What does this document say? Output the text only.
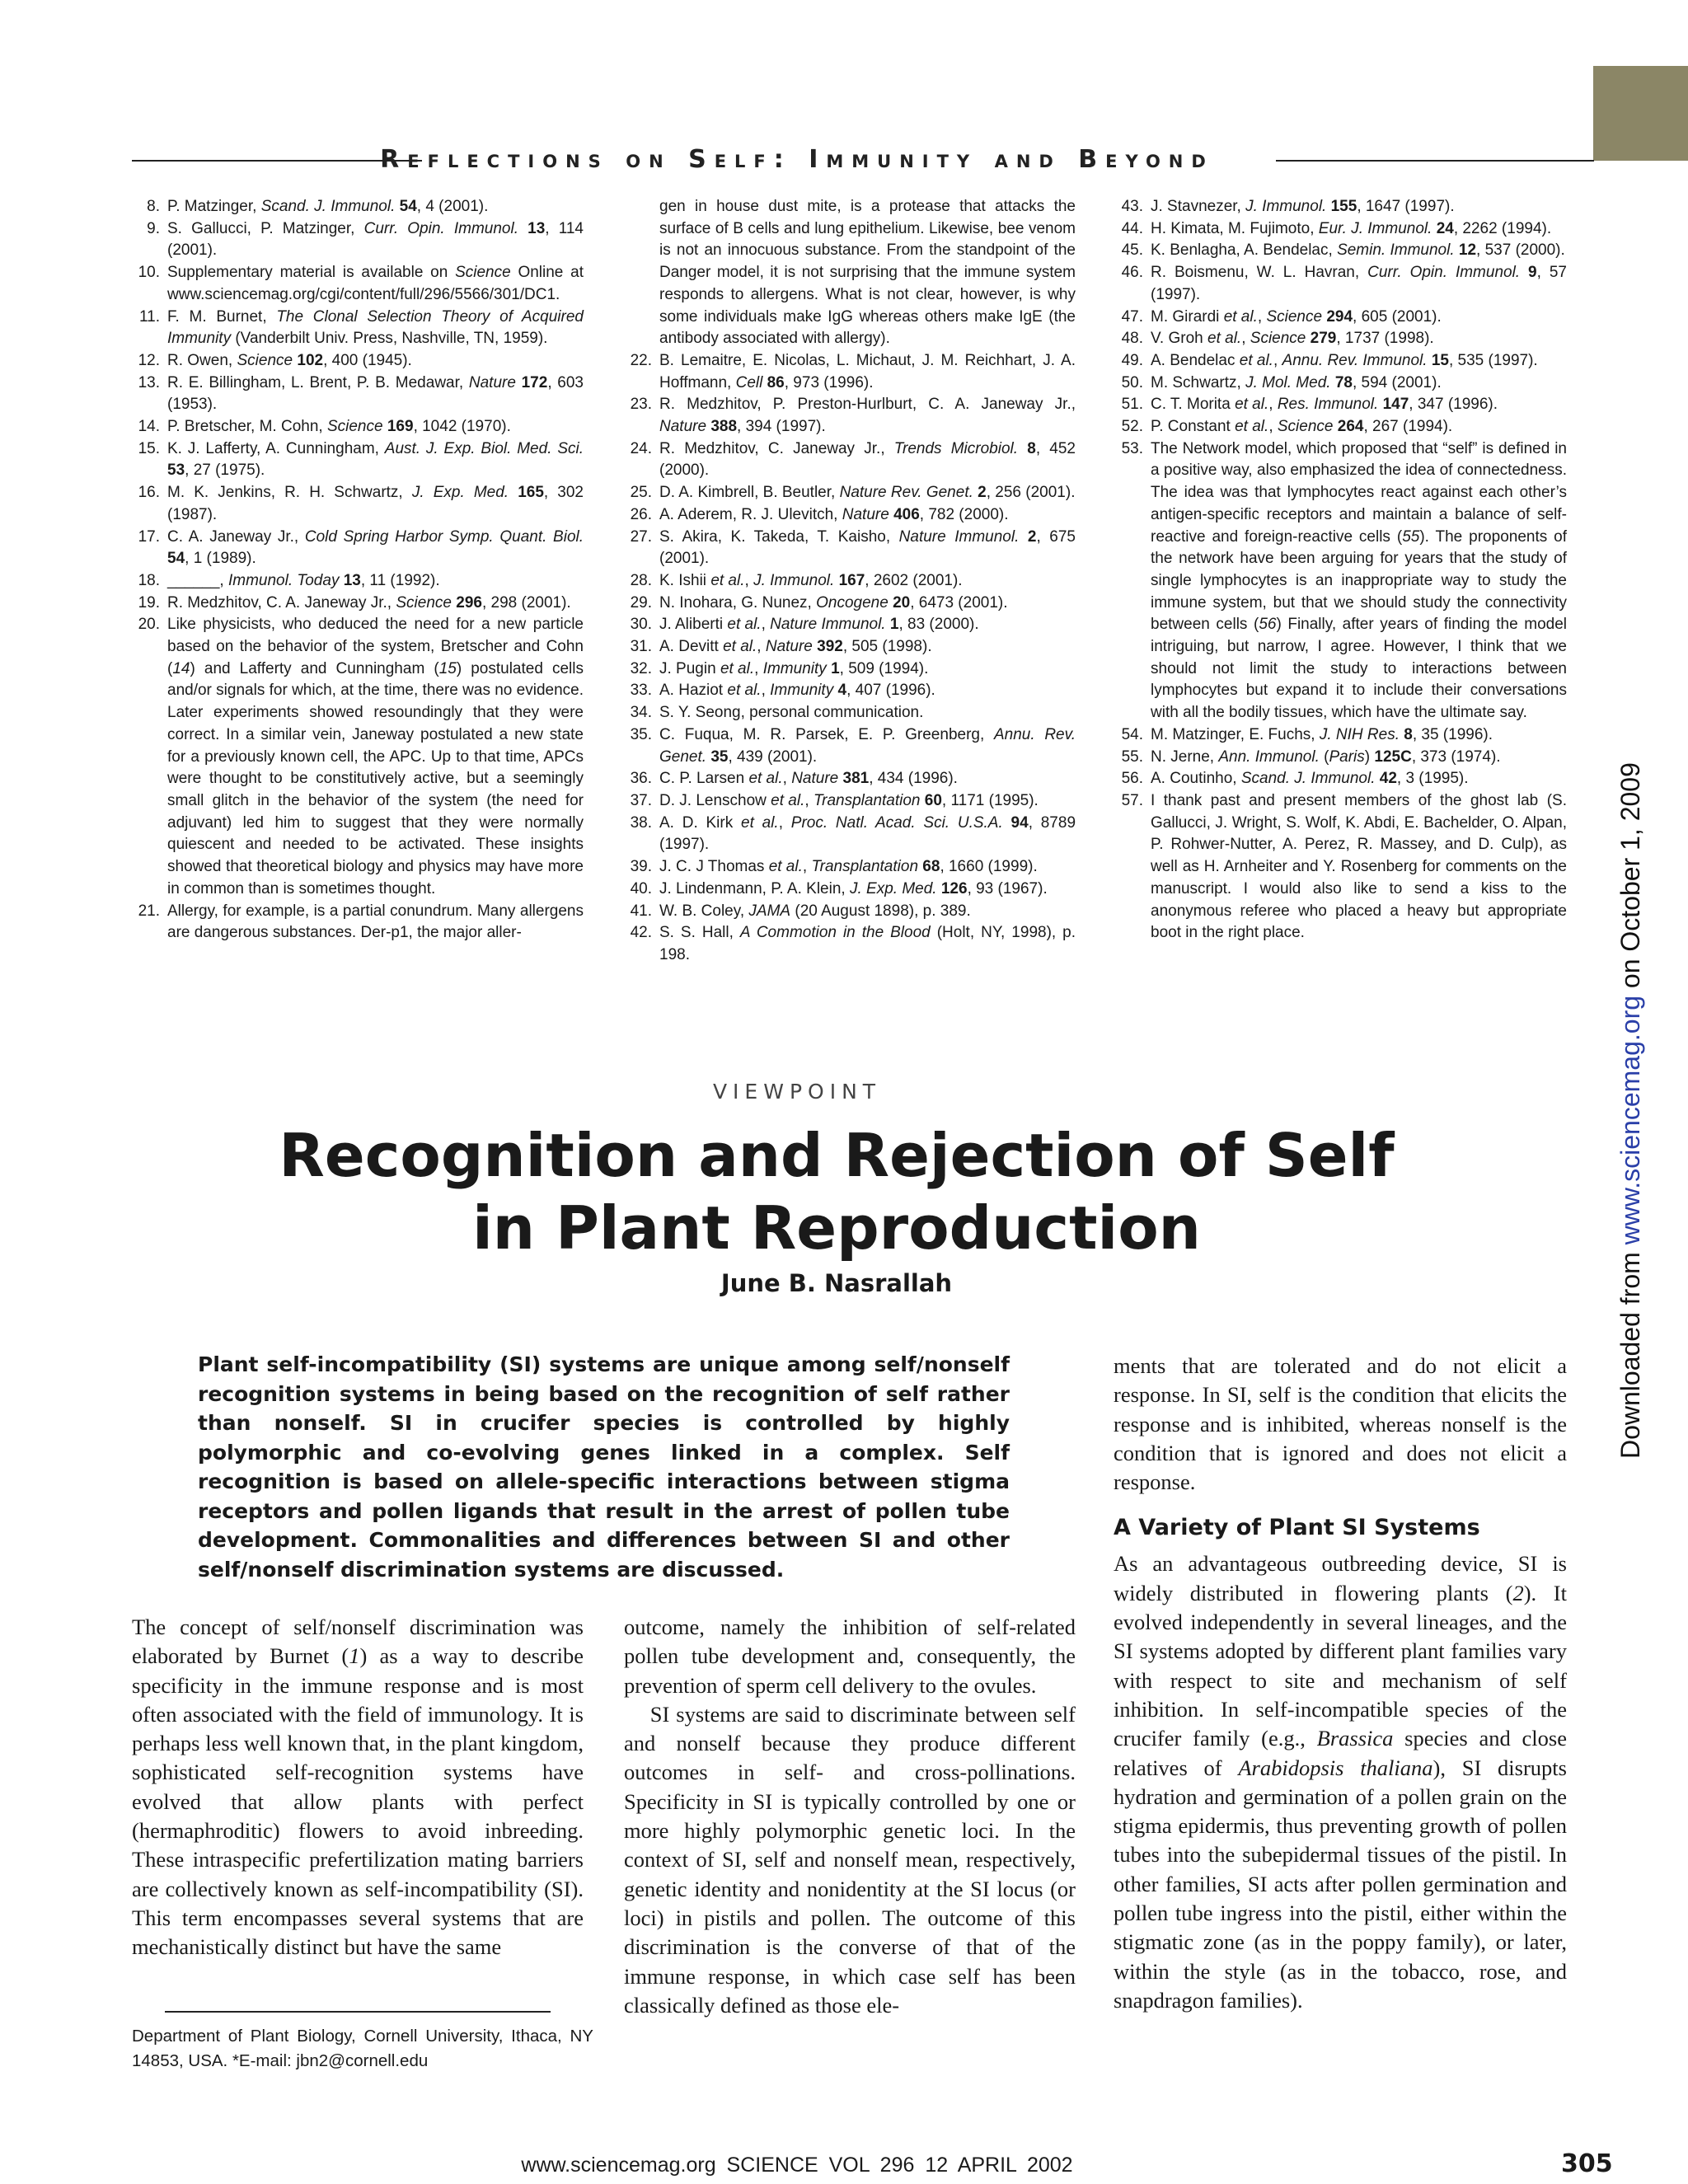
Reflections on Self: Immunity and Beyond
8. P. Matzinger, Scand. J. Immunol. 54, 4 (2001).
9. S. Gallucci, P. Matzinger, Curr. Opin. Immunol. 13, 114 (2001).
10. Supplementary material is available on Science Online at www.sciencemag.org/cgi/content/full/296/5566/301/DC1.
11. F. M. Burnet, The Clonal Selection Theory of Acquired Immunity (Vanderbilt Univ. Press, Nashville, TN, 1959).
12. R. Owen, Science 102, 400 (1945).
13. R. E. Billingham, L. Brent, P. B. Medawar, Nature 172, 603 (1953).
14. P. Bretscher, M. Cohn, Science 169, 1042 (1970).
15. K. J. Lafferty, A. Cunningham, Aust. J. Exp. Biol. Med. Sci. 53, 27 (1975).
16. M. K. Jenkins, R. H. Schwartz, J. Exp. Med. 165, 302 (1987).
17. C. A. Janeway Jr., Cold Spring Harbor Symp. Quant. Biol. 54, 1 (1989).
18. ______, Immunol. Today 13, 11 (1992).
19. R. Medzhitov, C. A. Janeway Jr., Science 296, 298 (2001).
20. Like physicists, who deduced the need for a new particle based on the behavior of the system, Bretscher and Cohn (14) and Lafferty and Cunningham (15) postulated cells and/or signals for which, at the time, there was no evidence. Later experiments showed resoundingly that they were correct. In a similar vein, Janeway postulated a new state for a previously known cell, the APC. Up to that time, APCs were thought to be constitutively active, but a seemingly small glitch in the behavior of the system (the need for adjuvant) led him to suggest that they were normally quiescent and needed to be activated. These insights showed that theoretical biology and physics may have more in common than is sometimes thought.
21. Allergy, for example, is a partial conundrum. Many allergens are dangerous substances. Der-p1, the major aller-
gen in house dust mite, is a protease that attacks the surface of B cells and lung epithelium. Likewise, bee venom is not an innocuous substance. From the standpoint of the Danger model, it is not surprising that the immune system responds to allergens. What is not clear, however, is why some individuals make IgG whereas others make IgE (the antibody associated with allergy).
22. B. Lemaitre, E. Nicolas, L. Michaut, J. M. Reichhart, J. A. Hoffmann, Cell 86, 973 (1996).
23. R. Medzhitov, P. Preston-Hurlburt, C. A. Janeway Jr., Nature 388, 394 (1997).
24. R. Medzhitov, C. Janeway Jr., Trends Microbiol. 8, 452 (2000).
25. D. A. Kimbrell, B. Beutler, Nature Rev. Genet. 2, 256 (2001).
26. A. Aderem, R. J. Ulevitch, Nature 406, 782 (2000).
27. S. Akira, K. Takeda, T. Kaisho, Nature Immunol. 2, 675 (2001).
28. K. Ishii et al., J. Immunol. 167, 2602 (2001).
29. N. Inohara, G. Nunez, Oncogene 20, 6473 (2001).
30. J. Aliberti et al., Nature Immunol. 1, 83 (2000).
31. A. Devitt et al., Nature 392, 505 (1998).
32. J. Pugin et al., Immunity 1, 509 (1994).
33. A. Haziot et al., Immunity 4, 407 (1996).
34. S. Y. Seong, personal communication.
35. C. Fuqua, M. R. Parsek, E. P. Greenberg, Annu. Rev. Genet. 35, 439 (2001).
36. C. P. Larsen et al., Nature 381, 434 (1996).
37. D. J. Lenschow et al., Transplantation 60, 1171 (1995).
38. A. D. Kirk et al., Proc. Natl. Acad. Sci. U.S.A. 94, 8789 (1997).
39. J. C. J Thomas et al., Transplantation 68, 1660 (1999).
40. J. Lindenmann, P. A. Klein, J. Exp. Med. 126, 93 (1967).
41. W. B. Coley, JAMA (20 August 1898), p. 389.
42. S. S. Hall, A Commotion in the Blood (Holt, NY, 1998), p. 198.
43. J. Stavnezer, J. Immunol. 155, 1647 (1997).
44. H. Kimata, M. Fujimoto, Eur. J. Immunol. 24, 2262 (1994).
45. K. Benlagha, A. Bendelac, Semin. Immunol. 12, 537 (2000).
46. R. Boismenu, W. L. Havran, Curr. Opin. Immunol. 9, 57 (1997).
47. M. Girardi et al., Science 294, 605 (2001).
48. V. Groh et al., Science 279, 1737 (1998).
49. A. Bendelac et al., Annu. Rev. Immunol. 15, 535 (1997).
50. M. Schwartz, J. Mol. Med. 78, 594 (2001).
51. C. T. Morita et al., Res. Immunol. 147, 347 (1996).
52. P. Constant et al., Science 264, 267 (1994).
53. The Network model, which proposed that “self” is defined in a positive way, also emphasized the idea of connectedness. The idea was that lymphocytes react against each other’s antigen-specific receptors and maintain a balance of self-reactive and foreign-reactive cells (55). The proponents of the network have been arguing for years that the study of single lymphocytes is an inappropriate way to study the immune system, but that we should study the connectivity between cells (56) Finally, after years of finding the model intriguing, but narrow, I agree. However, I think that we should not limit the study to interactions between lymphocytes but expand it to include their conversations with all the bodily tissues, which have the ultimate say.
54. M. Matzinger, E. Fuchs, J. NIH Res. 8, 35 (1996).
55. N. Jerne, Ann. Immunol. (Paris) 125C, 373 (1974).
56. A. Coutinho, Scand. J. Immunol. 42, 3 (1995).
57. I thank past and present members of the ghost lab (S. Gallucci, J. Wright, S. Wolf, K. Abdi, E. Bachelder, O. Alpan, P. Rohwer-Nutter, A. Perez, R. Massey, and D. Culp), as well as H. Arnheiter and Y. Rosenberg for comments on the manuscript. I would also like to send a kiss to the anonymous referee who placed a heavy but appropriate boot in the right place.
VIEWPOINT
Recognition and Rejection of Self
in Plant Reproduction
June B. Nasrallah
Plant self-incompatibility (SI) systems are unique among self/nonself recognition systems in being based on the recognition of self rather than nonself. SI in crucifer species is controlled by highly polymorphic and co-evolving genes linked in a complex. Self recognition is based on allele-specific interactions between stigma receptors and pollen ligands that result in the arrest of pollen tube development. Commonalities and differences between SI and other self/nonself discrimination systems are discussed.
The concept of self/nonself discrimination was elaborated by Burnet (1) as a way to describe specificity in the immune response and is most often associated with the field of immunology. It is perhaps less well known that, in the plant kingdom, sophisticated self-recognition systems have evolved that allow plants with perfect (hermaphroditic) flowers to avoid inbreeding. These intraspecific prefertilization mating barriers are collectively known as self-incompatibility (SI). This term encompasses several systems that are mechanistically distinct but have the same
outcome, namely the inhibition of self-related pollen tube development and, consequently, the prevention of sperm cell delivery to the ovules.
SI systems are said to discriminate between self and nonself because they produce different outcomes in self- and cross-pollinations. Specificity in SI is typically controlled by one or more highly polymorphic genetic loci. In the context of SI, self and nonself mean, respectively, genetic identity and nonidentity at the SI locus (or loci) in pistils and pollen. The outcome of this discrimination is the converse of that of the immune response, in which case self has been classically defined as those ele-
ments that are tolerated and do not elicit a response. In SI, self is the condition that elicits the response and is inhibited, whereas nonself is the condition that is ignored and does not elicit a response.
A Variety of Plant SI Systems
As an advantageous outbreeding device, SI is widely distributed in flowering plants (2). It evolved independently in several lineages, and the SI systems adopted by different plant families vary with respect to site and mechanism of self inhibition. In self-incompatible species of the crucifer family (e.g., Brassica species and close relatives of Arabidopsis thaliana), SI disrupts hydration and germination of a pollen grain on the stigma epidermis, thus preventing growth of pollen tubes into the subepidermal tissues of the pistil. In other families, SI acts after pollen germination and pollen tube ingress into the pistil, either within the stigmatic zone (as in the poppy family), or later, within the style (as in the tobacco, rose, and snapdragon families).
Department of Plant Biology, Cornell University, Ithaca, NY 14853, USA. *E-mail: jbn2@cornell.edu
www.sciencemag.org SCIENCE VOL 296 12 APRIL 2002	305
Downloaded from www.sciencemag.org on October 1, 2009
